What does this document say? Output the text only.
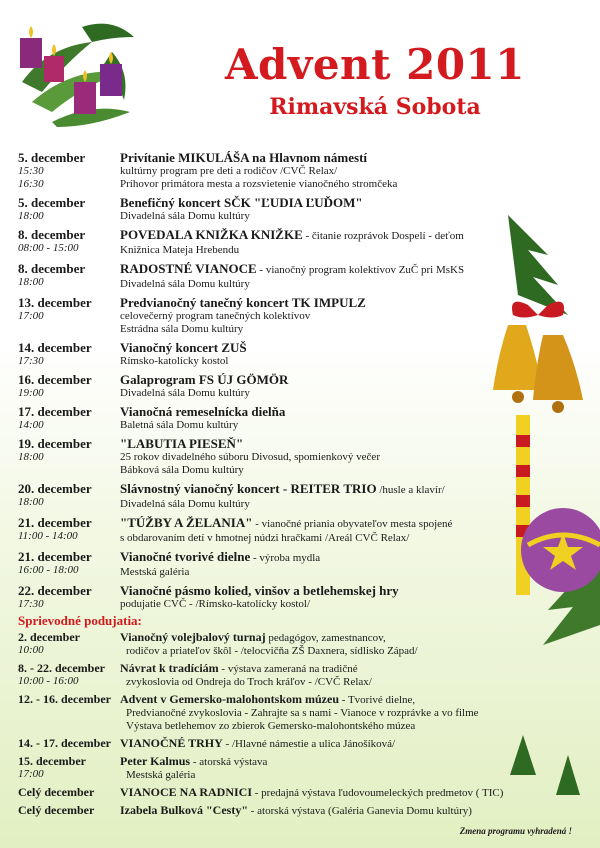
Advent 2011
Rimavská Sobota
5. december
15:30
16:30
Privítanie MIKULÁŠA na Hlavnom námestí
kultúrny program pre deti a rodičov /CVČ Relax/
Príhovor primátora mesta a rozsvietenie vianočného stromčeka
5. december
18:00
Benefičný koncert SČK "ĽUDIA ĽUĎOM"
Divadelná sála Domu kultúry
8. december
08:00 - 15:00
POVEDALA KNIŽKA KNIŽKE - čitanie rozprávok Dospelí - deťom
Knižnica Mateja Hrebendu
8. december
18:00
RADOSTNÉ VIANOCE - vianočný program kolektívov ZuČ pri MsKS
Divadelná sála Domu kultúry
13. december
17:00

Predvianočný tanečný koncert TK IMPULZ
celovečerný program tanečných kolektívov
Estrádna sála Domu kultúry
14. december
17:30
Vianočný koncert ZUŠ
Rímsko-katolícky kostol
16. december
19:00
Galaprogram FS ÚJ GÖMÖR
Divadelná sála Domu kultúry
17. december
14:00
Vianočná remeselnícka dielňa
Baletná sála Domu kultúry
19. december
18:00

"LABUTIA PIESEŇ"
25 rokov divadelného súboru Divosud, spomienkový večer
Bábková sála Domu kultúry
20. december
18:00
Slávnostný vianočný koncert - REITER TRIO /husle a klavír/
Divadelná sála Domu kultúry
21. december
11:00 - 14:00
"TÚŽBY A ŽELANIA" - vianočné priania obyvateľov mesta spojené
s obdarovaním detí v hmotnej núdzi hračkami /Areál CVČ Relax/
21. december
16:00 - 18:00
Vianočné tvorivé dielne - výroba mydla
Mestská galéria
22. december
17:30
Vianočné pásmo kolied, vinšov a betlehemskej hry
podujatie CVČ - /Rímsko-katolícky kostol/
Sprievodné podujatia:
2. december
10:00
Vianočný volejbalový turnaj pedagógov, zamestnancov,
rodičov a priateľov škôl - /telocvičňa ZŠ Daxnera, sídlisko Západ/
8. - 22. december
10:00 - 16:00
Návrat k tradíciám - výstava zameraná na tradičné
zvykoslovia od Ondreja do Troch kráľov - /CVČ Relax/
12. - 16. december Advent v Gemersko-malohontskom múzeu - Tvorivé dielne,
Predvianočné zvykoslovia - Zahrajte sa s nami - Vianoce v rozprávke a vo filme
Výstava betlehemov zo zbierok Gemersko-malohontského múzea
14. - 17. december VIANOČNÉ TRHY - /Hlavné námestie a ulica Jánošíková/
15. december
17:00
Peter Kalmus - atorská výstava
Mestská galéria
Celý december	VIANOCE NA RADNICI - predajná výstava ľudovoumeleckých predmetov ( TIC)
Celý december	Izabela Bulková "Cesty" - atorská výstava (Galéria Ganevia Domu kultúry)
Zmena programu vyhradená !
